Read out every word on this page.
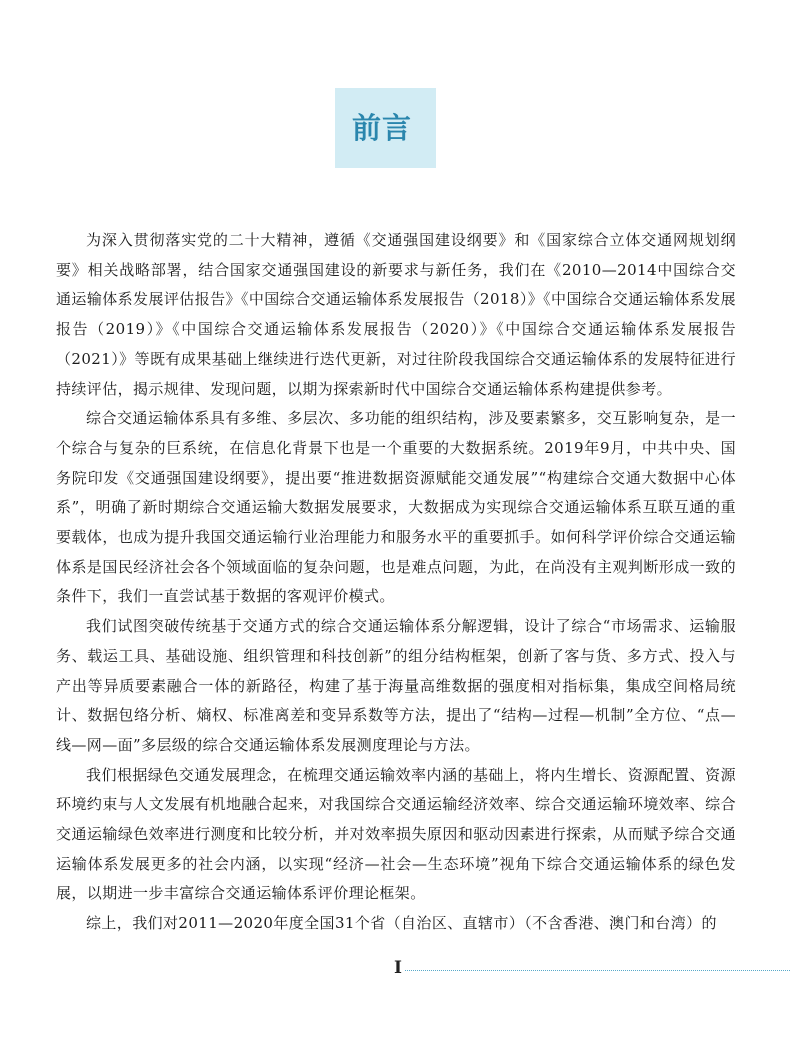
前言

为深入贯彻落实党的二十大精神，遵循《交通强国建设纲要》和《国家综合立体交通网规划纲要》相关战略部署，结合国家交通强国建设的新要求与新任务，我们在《2010—2014中国综合交通运输体系发展评估报告》《中国综合交通运输体系发展报告（2018）》《中国综合交通运输体系发展报告（2019）》《中国综合交通运输体系发展报告（2020）》《中国综合交通运输体系发展报告（2021）》等既有成果基础上继续进行迭代更新，对过往阶段我国综合交通运输体系的发展特征进行持续评估，揭示规律、发现问题，以期为探索新时代中国综合交通运输体系构建提供参考。

综合交通运输体系具有多维、多层次、多功能的组织结构，涉及要素繁多，交互影响复杂，是一个综合与复杂的巨系统，在信息化背景下也是一个重要的大数据系统。2019年9月，中共中央、国务院印发《交通强国建设纲要》，提出要“推进数据资源赋能交通发展”“构建综合交通大数据中心体系”，明确了新时期综合交通运输大数据发展要求，大数据成为实现综合交通运输体系互联互通的重要载体，也成为提升我国交通运输行业治理能力和服务水平的重要抓手。如何科学评价综合交通运输体系是国民经济社会各个领域面临的复杂问题，也是难点问题，为此，在尚没有主观判断形成一致的条件下，我们一直尝试基于数据的客观评价模式。

我们试图突破传统基于交通方式的综合交通运输体系分解逻辑，设计了综合“市场需求、运输服务、载运工具、基础设施、组织管理和科技创新”的组分结构框架，创新了客与货、多方式、投入与产出等异质要素融合一体的新路径，构建了基于海量高维数据的强度相对指标集，集成空间格局统计、数据包络分析、熵权、标准离差和变异系数等方法，提出了“结构—过程—机制”全方位、“点—线—网—面”多层级的综合交通运输体系发展测度理论与方法。

我们根据绿色交通发展理念，在梳理交通运输效率内涵的基础上，将内生增长、资源配置、资源环境约束与人文发展有机地融合起来，对我国综合交通运输经济效率、综合交通运输环境效率、综合交通运输绿色效率进行测度和比较分析，并对效率损失原因和驱动因素进行探索，从而赋予综合交通运输体系发展更多的社会内涵，以实现“经济—社会—生态环境”视角下综合交通运输体系的绿色发展，以期进一步丰富综合交通运输体系评价理论框架。

综上，我们对2011—2020年度全国31个省（自治区、直辖市）（不含香港、澳门和台湾）的

I
